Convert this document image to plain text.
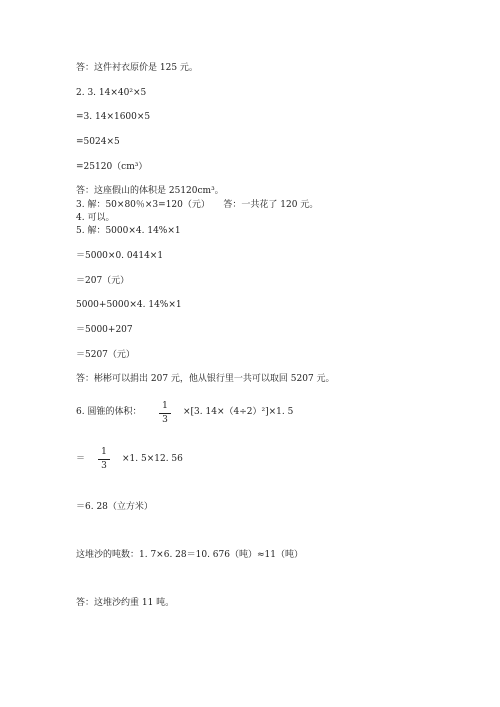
答：这件衬衣原价是 125 元。
2. 3. 14×40²×5
=3. 14×1600×5
=5024×5
=25120（cm³）
答：这座假山的体积是 25120cm³。
3. 解：50×80％×3=120（元）　　答：一共花了 120 元。
4. 可以。
5. 解：5000×4. 14%×1
＝5000×0. 0414×1
＝207（元）
5000+5000×4. 14%×1
＝5000+207
＝5207（元）
答：彬彬可以捐出 207 元，他从银行里一共可以取回 5207 元。
6. 圆锥的体积：
1
3
×[3. 14×（4÷2）²]×1. 5
＝
1
3
×1. 5×12. 56
＝6. 28（立方米）
这堆沙的吨数：1. 7×6. 28＝10. 676（吨）≈11（吨）
答：这堆沙约重 11 吨。
